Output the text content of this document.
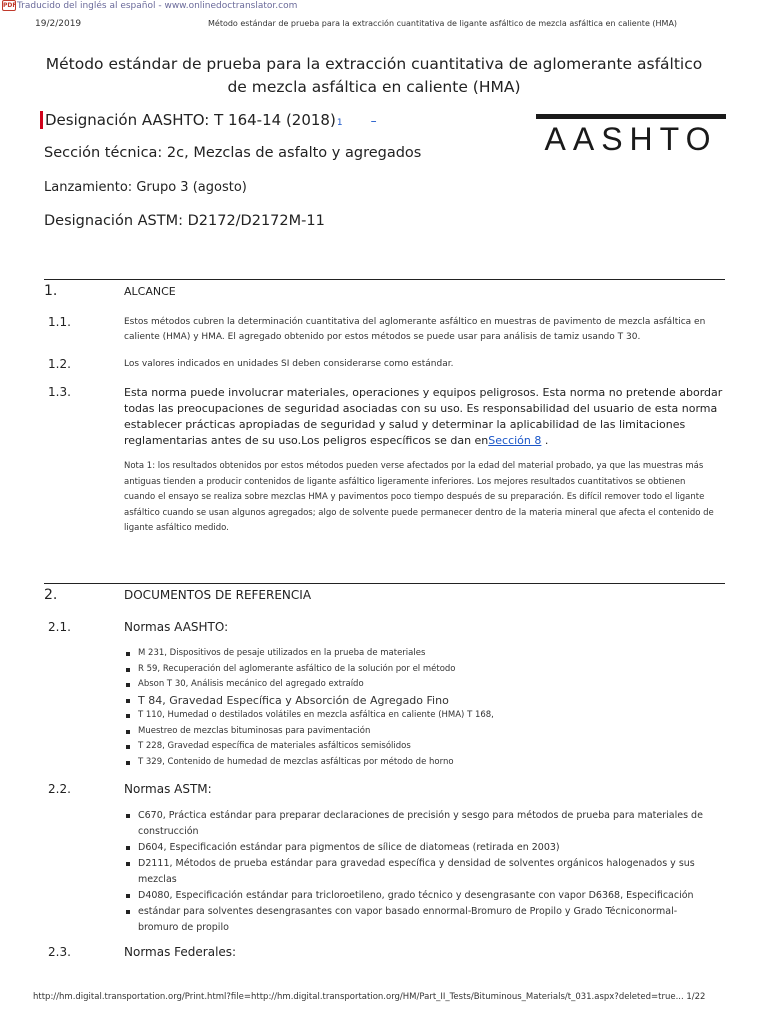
PDFTraducido del inglés al español - www.onlinedoctranslator.com
19/2/2019	Método estándar de prueba para la extracción cuantitativa de ligante asfáltico de mezcla asfáltica en caliente (HMA)
Método estándar de prueba para la extracción cuantitativa de aglomerante asfáltico
de mezcla asfáltica en caliente (HMA)
Designación AASHTO: T 164-14 (2018)1 –
Sección técnica: 2c, Mezclas de asfalto y agregados
Lanzamiento: Grupo 3 (agosto)
Designación ASTM: D2172/D2172M-11
AASHTO
1.	ALCANCE
1.1.	Estos métodos cubren la determinación cuantitativa del aglomerante asfáltico en muestras de pavimento de mezcla asfáltica en caliente (HMA) y HMA. El agregado obtenido por estos métodos se puede usar para análisis de tamiz usando T 30.
1.2.	Los valores indicados en unidades SI deben considerarse como estándar.
1.3.	Esta norma puede involucrar materiales, operaciones y equipos peligrosos. Esta norma no pretende abordar todas las preocupaciones de seguridad asociadas con su uso. Es responsabilidad del usuario de esta norma establecer prácticas apropiadas de seguridad y salud y determinar la aplicabilidad de las limitaciones reglamentarias antes de su uso.Los peligros específicos se dan enSección 8 .
Nota 1: los resultados obtenidos por estos métodos pueden verse afectados por la edad del material probado, ya que las muestras más antiguas tienden a producir contenidos de ligante asfáltico ligeramente inferiores. Los mejores resultados cuantitativos se obtienen cuando el ensayo se realiza sobre mezclas HMA y pavimentos poco tiempo después de su preparación. Es difícil remover todo el ligante asfáltico cuando se usan algunos agregados; algo de solvente puede permanecer dentro de la materia mineral que afecta el contenido de ligante asfáltico medido.
2.	DOCUMENTOS DE REFERENCIA
2.1.	Normas AASHTO:
M 231, Dispositivos de pesaje utilizados en la prueba de materiales
R 59, Recuperación del aglomerante asfáltico de la solución por el método
Abson T 30, Análisis mecánico del agregado extraído
T 84, Gravedad Específica y Absorción de Agregado Fino
T 110, Humedad o destilados volátiles en mezcla asfáltica en caliente (HMA) T 168,
Muestreo de mezclas bituminosas para pavimentación
T 228, Gravedad específica de materiales asfálticos semisólidos
T 329, Contenido de humedad de mezclas asfálticas por método de horno
2.2.	Normas ASTM:
C670, Práctica estándar para preparar declaraciones de precisión y sesgo para métodos de prueba para materiales de construcción
D604, Especificación estándar para pigmentos de sílice de diatomeas (retirada en 2003)
D2111, Métodos de prueba estándar para gravedad específica y densidad de solventes orgánicos halogenados y sus mezclas
D4080, Especificación estándar para tricloroetileno, grado técnico y desengrasante con vapor D6368, Especificación
estándar para solventes desengrasantes con vapor basado ennormal-Bromuro de Propilo y Grado Técniconormal-bromuro de propilo
2.3.	Normas Federales:
http://hm.digital.transportation.org/Print.html?file=http://hm.digital.transportation.org/HM/Part_II_Tests/Bituminous_Materials/t_031.aspx?deleted=true... 1/22
